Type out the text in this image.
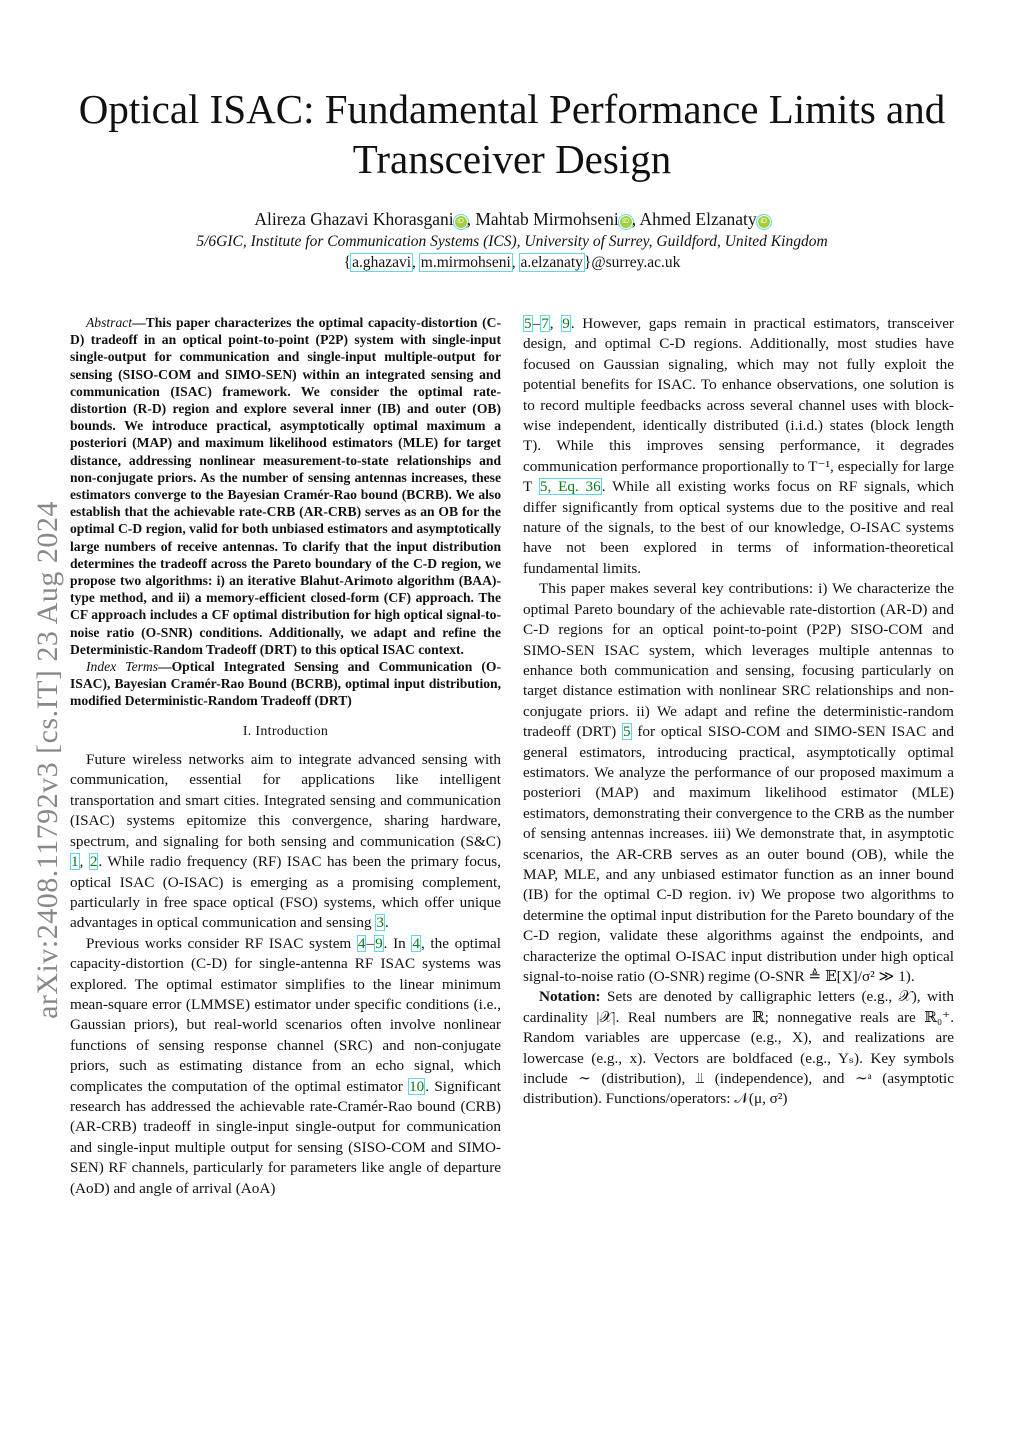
arXiv:2408.11792v3 [cs.IT] 23 Aug 2024
Optical ISAC: Fundamental Performance Limits and Transceiver Design
Alireza Ghazavi Khorasgani iD , Mahtab Mirmohseni iD , Ahmed Elzanaty iD
5/6GIC, Institute for Communication Systems (ICS), University of Surrey, Guildford, United Kingdom
{a.ghazavi, m.mirmohseni, a.elzanaty}@surrey.ac.uk

Abstract—This paper characterizes the optimal capacity-distortion (C-D) tradeoff in an optical point-to-point (P2P) system with single-input single-output for communication and single-input multiple-output for sensing (SISO-COM and SIMO-SEN) within an integrated sensing and communication (ISAC) framework. We consider the optimal rate-distortion (R-D) region and explore several inner (IB) and outer (OB) bounds. We introduce practical, asymptotically optimal maximum a posteriori (MAP) and maximum likelihood estimators (MLE) for target distance, addressing nonlinear measurement-to-state relationships and non-conjugate priors. As the number of sensing antennas increases, these estimators converge to the Bayesian Cramér-Rao bound (BCRB). We also establish that the achievable rate-CRB (AR-CRB) serves as an OB for the optimal C-D region, valid for both unbiased estimators and asymptotically large numbers of receive antennas. To clarify that the input distribution determines the tradeoff across the Pareto boundary of the C-D region, we propose two algorithms: i) an iterative Blahut-Arimoto algorithm (BAA)-type method, and ii) a memory-efficient closed-form (CF) approach. The CF approach includes a CF optimal distribution for high optical signal-to-noise ratio (O-SNR) conditions. Additionally, we adapt and refine the Deterministic-Random Tradeoff (DRT) to this optical ISAC context.

Index Terms—Optical Integrated Sensing and Communication (O-ISAC), Bayesian Cramér-Rao Bound (BCRB), optimal input distribution, modified Deterministic-Random Tradeoff (DRT)

I. Introduction

Future wireless networks aim to integrate advanced sensing with communication, essential for applications like intelligent transportation and smart cities. Integrated sensing and communication (ISAC) systems epitomize this convergence, sharing hardware, spectrum, and signaling for both sensing and communication (S&C) 1, 2. While radio frequency (RF) ISAC has been the primary focus, optical ISAC (O-ISAC) is emerging as a promising complement, particularly in free space optical (FSO) systems, which offer unique advantages in optical communication and sensing 3.

Previous works consider RF ISAC system 4–9. In 4, the optimal capacity-distortion (C-D) for single-antenna RF ISAC systems was explored. The optimal estimator simplifies to the linear minimum mean-square error (LMMSE) estimator under specific conditions (i.e., Gaussian priors), but real-world scenarios often involve nonlinear functions of sensing response channel (SRC) and non-conjugate priors, such as estimating distance from an echo signal, which complicates the computation of the optimal estimator 10. Significant research has addressed the achievable rate-Cramér-Rao bound (CRB) (AR-CRB) tradeoff in single-input single-output for communication and single-input multiple output for sensing (SISO-COM and SIMO-SEN) RF channels, particularly for parameters like angle of departure (AoD) and angle of arrival (AoA)

5–7, 9. However, gaps remain in practical estimators, transceiver design, and optimal C-D regions. Additionally, most studies have focused on Gaussian signaling, which may not fully exploit the potential benefits for ISAC. To enhance observations, one solution is to record multiple feedbacks across several channel uses with block-wise independent, identically distributed (i.i.d.) states (block length T). While this improves sensing performance, it degrades communication performance proportionally to T⁻¹, especially for large T 5, Eq. 36. While all existing works focus on RF signals, which differ significantly from optical systems due to the positive and real nature of the signals, to the best of our knowledge, O-ISAC systems have not been explored in terms of information-theoretical fundamental limits.

This paper makes several key contributions: i) We characterize the optimal Pareto boundary of the achievable rate-distortion (AR-D) and C-D regions for an optical point-to-point (P2P) SISO-COM and SIMO-SEN ISAC system, which leverages multiple antennas to enhance both communication and sensing, focusing particularly on target distance estimation with nonlinear SRC relationships and non-conjugate priors. ii) We adapt and refine the deterministic-random tradeoff (DRT) 5 for optical SISO-COM and SIMO-SEN ISAC and general estimators, introducing practical, asymptotically optimal estimators. We analyze the performance of our proposed maximum a posteriori (MAP) and maximum likelihood estimator (MLE) estimators, demonstrating their convergence to the CRB as the number of sensing antennas increases. iii) We demonstrate that, in asymptotic scenarios, the AR-CRB serves as an outer bound (OB), while the MAP, MLE, and any unbiased estimator function as an inner bound (IB) for the optimal C-D region. iv) We propose two algorithms to determine the optimal input distribution for the Pareto boundary of the C-D region, validate these algorithms against the endpoints, and characterize the optimal O-ISAC input distribution under high optical signal-to-noise ratio (O-SNR) regime (O-SNR ≜ 𝔼[X]/σ² ≫ 1).

Notation: Sets are denoted by calligraphic letters (e.g., 𝒳), with cardinality |𝒳|. Real numbers are ℝ; nonnegative reals are ℝ₀⁺. Random variables are uppercase (e.g., X), and realizations are lowercase (e.g., x). Vectors are boldfaced (e.g., Yₛ). Key symbols include ∼ (distribution), ⫫ (independence), and ∼ᵃ (asymptotic distribution). Functions/operators: 𝒩(μ, σ²)
